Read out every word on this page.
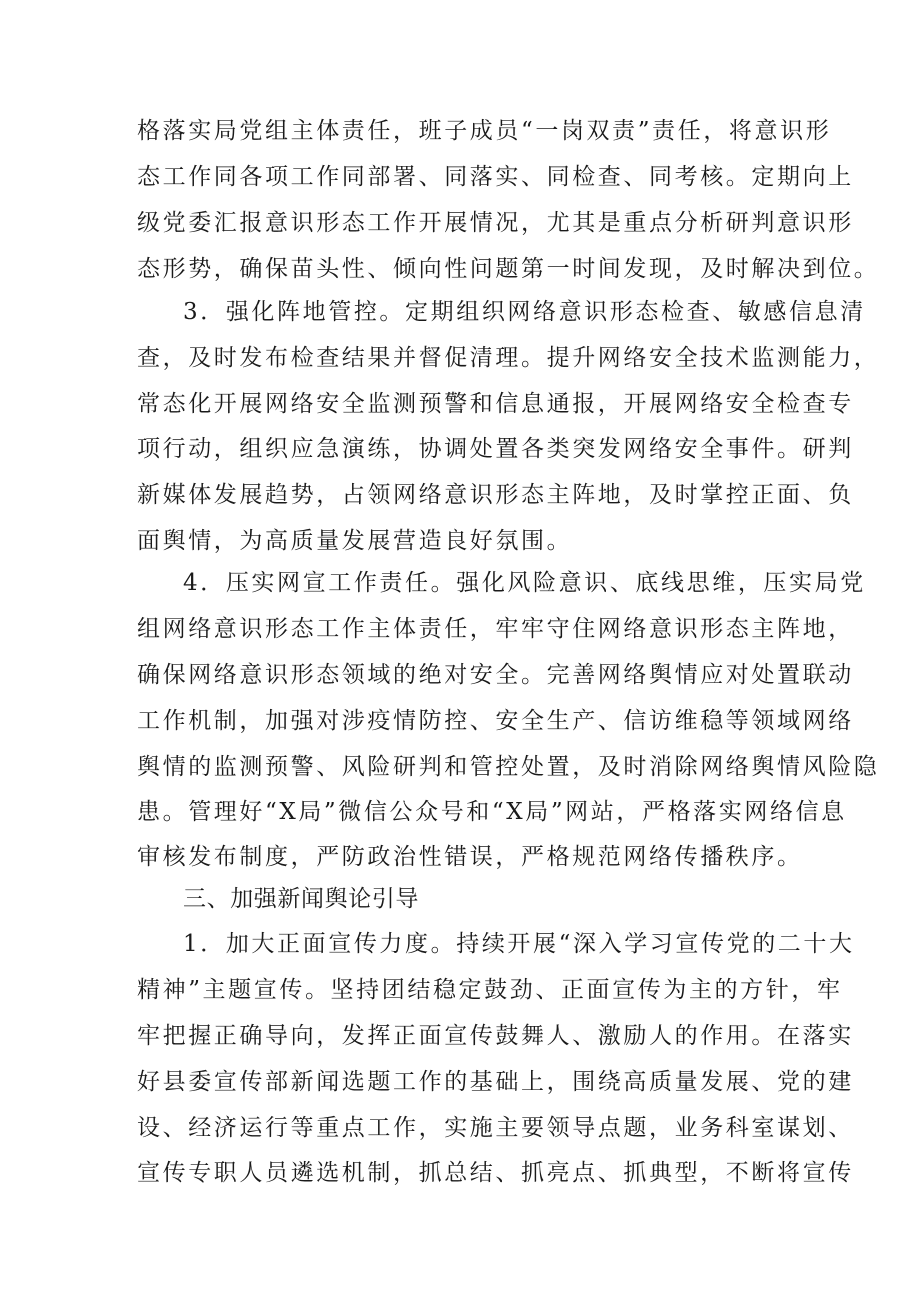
格落实局党组主体责任，班子成员“一岗双责”责任，将意识形

态工作同各项工作同部署、同落实、同检查、同考核。定期向上

级党委汇报意识形态工作开展情况，尤其是重点分析研判意识形

态形势，确保苗头性、倾向性问题第一时间发现，及时解决到位。

3．强化阵地管控。定期组织网络意识形态检查、敏感信息清

查，及时发布检查结果并督促清理。提升网络安全技术监测能力，

常态化开展网络安全监测预警和信息通报，开展网络安全检查专

项行动，组织应急演练，协调处置各类突发网络安全事件。研判

新媒体发展趋势，占领网络意识形态主阵地，及时掌控正面、负

面舆情，为高质量发展营造良好氛围。

4．压实网宣工作责任。强化风险意识、底线思维，压实局党

组网络意识形态工作主体责任，牢牢守住网络意识形态主阵地，

确保网络意识形态领域的绝对安全。完善网络舆情应对处置联动

工作机制，加强对涉疫情防控、安全生产、信访维稳等领域网络

舆情的监测预警、风险研判和管控处置，及时消除网络舆情风险隐

患。管理好“X局”微信公众号和“X局”网站，严格落实网络信息

审核发布制度，严防政治性错误，严格规范网络传播秩序。

三、加强新闻舆论引导

1．加大正面宣传力度。持续开展“深入学习宣传党的二十大

精神”主题宣传。坚持团结稳定鼓劲、正面宣传为主的方针，牢

牢把握正确导向，发挥正面宣传鼓舞人、激励人的作用。在落实

好县委宣传部新闻选题工作的基础上，围绕高质量发展、党的建

设、经济运行等重点工作，实施主要领导点题，业务科室谋划、

宣传专职人员遴选机制，抓总结、抓亮点、抓典型，不断将宣传
